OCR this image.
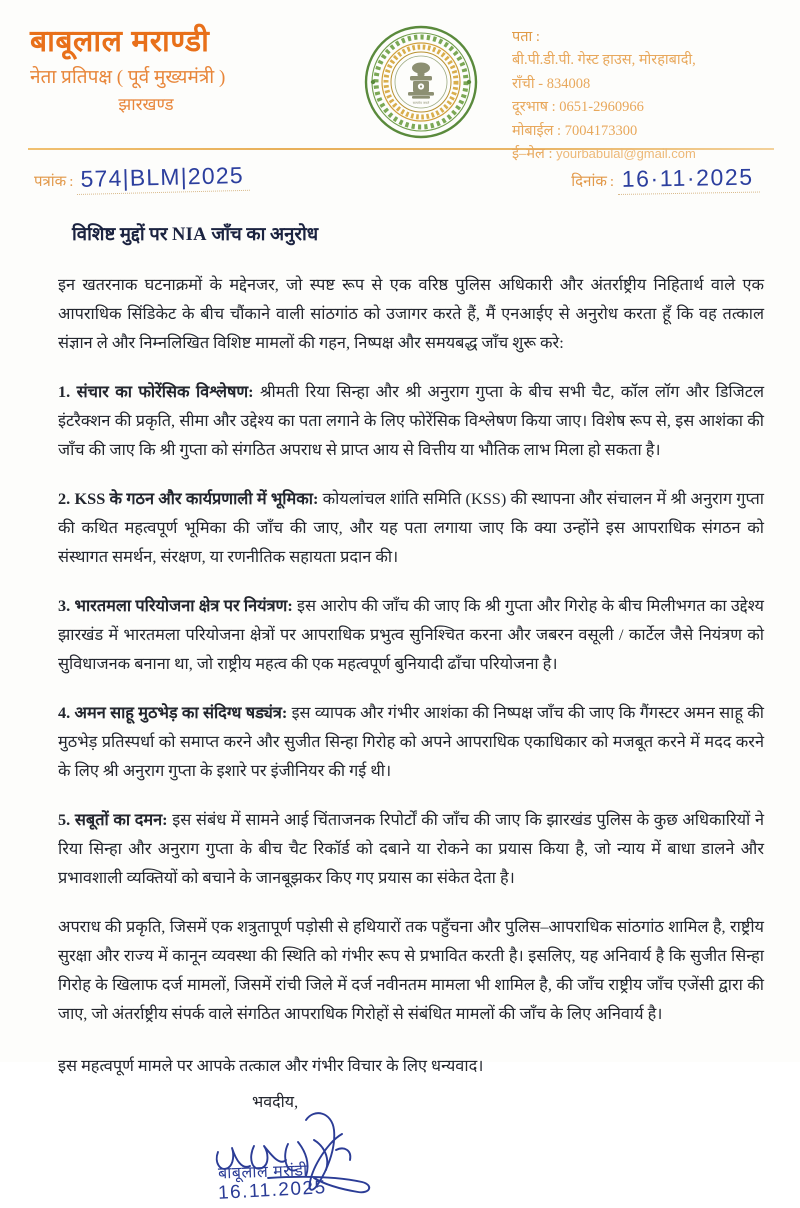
बाबूलाल मराण्डी
नेता प्रतिपक्ष ( पूर्व मुख्यमंत्री )
झारखण्ड	सत्यमेव जयते
पता :
बी.पी.डी.पी. गेस्ट हाउस, मोरहाबादी,
राँची - 834008
दूरभाष : 0651-2960966
मोबाईल : 7004173300
ई–मेल : yourbabulal@gmail.com
पत्रांक : 574|BLM|2025	दिनांक : 16·11·2025
विशिष्ट मुद्दों पर NIA जाँच का अनुरोध

इन खतरनाक घटनाक्रमों के मद्देनजर, जो स्पष्ट रूप से एक वरिष्ठ पुलिस अधिकारी और अंतर्राष्ट्रीय निहितार्थ वाले एक आपराधिक सिंडिकेट के बीच चौंकाने वाली सांठगांठ को उजागर करते हैं, मैं एनआईए से अनुरोध करता हूँ कि वह तत्काल संज्ञान ले और निम्नलिखित विशिष्ट मामलों की गहन, निष्पक्ष और समयबद्ध जाँच शुरू करे:

1. संचार का फोरेंसिक विश्लेषण: श्रीमती रिया सिन्हा और श्री अनुराग गुप्ता के बीच सभी चैट, कॉल लॉग और डिजिटल इंटरैक्शन की प्रकृति, सीमा और उद्देश्य का पता लगाने के लिए फोरेंसिक विश्लेषण किया जाए। विशेष रूप से, इस आशंका की जाँच की जाए कि श्री गुप्ता को संगठित अपराध से प्राप्त आय से वित्तीय या भौतिक लाभ मिला हो सकता है।

2. KSS के गठन और कार्यप्रणाली में भूमिका: कोयलांचल शांति समिति (KSS) की स्थापना और संचालन में श्री अनुराग गुप्ता की कथित महत्वपूर्ण भूमिका की जाँच की जाए, और यह पता लगाया जाए कि क्या उन्होंने इस आपराधिक संगठन को संस्थागत समर्थन, संरक्षण, या रणनीतिक सहायता प्रदान की।

3. भारतमला परियोजना क्षेत्र पर नियंत्रण: इस आरोप की जाँच की जाए कि श्री गुप्ता और गिरोह के बीच मिलीभगत का उद्देश्य झारखंड में भारतमला परियोजना क्षेत्रों पर आपराधिक प्रभुत्व सुनिश्चित करना और जबरन वसूली / कार्टेल जैसे नियंत्रण को सुविधाजनक बनाना था, जो राष्ट्रीय महत्व की एक महत्वपूर्ण बुनियादी ढाँचा परियोजना है।

4. अमन साहू मुठभेड़ का संदिग्ध षड्यंत्र: इस व्यापक और गंभीर आशंका की निष्पक्ष जाँच की जाए कि गैंगस्टर अमन साहू की मुठभेड़ प्रतिस्पर्धा को समाप्त करने और सुजीत सिन्हा गिरोह को अपने आपराधिक एकाधिकार को मजबूत करने में मदद करने के लिए श्री अनुराग गुप्ता के इशारे पर इंजीनियर की गई थी।

5. सबूतों का दमन: इस संबंध में सामने आई चिंताजनक रिपोर्टों की जाँच की जाए कि झारखंड पुलिस के कुछ अधिकारियों ने रिया सिन्हा और अनुराग गुप्ता के बीच चैट रिकॉर्ड को दबाने या रोकने का प्रयास किया है, जो न्याय में बाधा डालने और प्रभावशाली व्यक्तियों को बचाने के जानबूझकर किए गए प्रयास का संकेत देता है।

अपराध की प्रकृति, जिसमें एक शत्रुतापूर्ण पड़ोसी से हथियारों तक पहुँचना और पुलिस–आपराधिक सांठगांठ शामिल है, राष्ट्रीय सुरक्षा और राज्य में कानून व्यवस्था की स्थिति को गंभीर रूप से प्रभावित करती है। इसलिए, यह अनिवार्य है कि सुजीत सिन्हा गिरोह के खिलाफ दर्ज मामलों, जिसमें रांची जिले में दर्ज नवीनतम मामला भी शामिल है, की जाँच राष्ट्रीय जाँच एजेंसी द्वारा की जाए, जो अंतर्राष्ट्रीय संपर्क वाले संगठित आपराधिक गिरोहों से संबंधित मामलों की जाँच के लिए अनिवार्य है।

इस महत्वपूर्ण मामले पर आपके तत्काल और गंभीर विचार के लिए धन्यवाद।
भवदीय,
बाबूलाल मरांडी
16.11.2025
